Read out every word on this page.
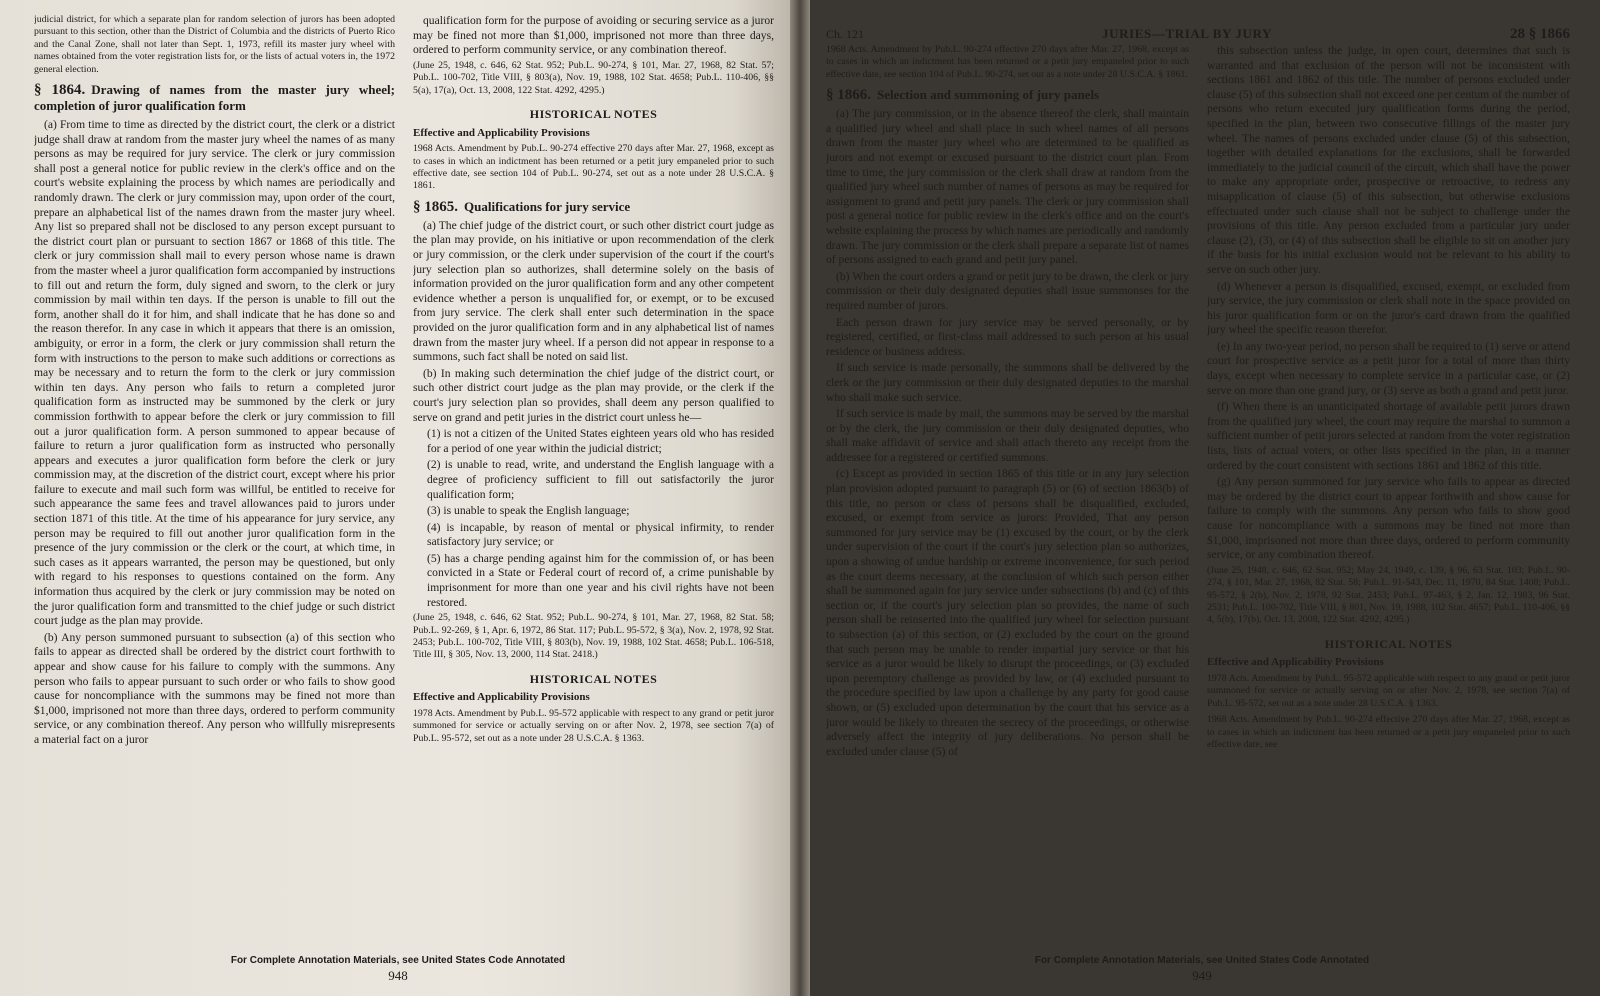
judicial district, for which a separate plan for random selection of jurors has been adopted pursuant to this section, other than the District of Columbia and the districts of Puerto Rico and the Canal Zone, shall not later than Sept. 1, 1973, refill its master jury wheel with names obtained from the voter registration lists for, or the lists of actual voters in, the 1972 general election.

§ 1864. Drawing of names from the master jury wheel; completion of juror qualification form

(a) From time to time as directed by the district court, the clerk or a district judge shall draw at random from the master jury wheel the names of as many persons as may be required for jury service. The clerk or jury commission shall post a general notice for public review in the clerk's office and on the court's website explaining the process by which names are periodically and randomly drawn. The clerk or jury commission may, upon order of the court, prepare an alphabetical list of the names drawn from the master jury wheel. Any list so prepared shall not be disclosed to any person except pursuant to the district court plan or pursuant to section 1867 or 1868 of this title. The clerk or jury commission shall mail to every person whose name is drawn from the master wheel a juror qualification form accompanied by instructions to fill out and return the form, duly signed and sworn, to the clerk or jury commission by mail within ten days. If the person is unable to fill out the form, another shall do it for him, and shall indicate that he has done so and the reason therefor. In any case in which it appears that there is an omission, ambiguity, or error in a form, the clerk or jury commission shall return the form with instructions to the person to make such additions or corrections as may be necessary and to return the form to the clerk or jury commission within ten days. Any person who fails to return a completed juror qualification form as instructed may be summoned by the clerk or jury commission forthwith to appear before the clerk or jury commission to fill out a juror qualification form. A person summoned to appear because of failure to return a juror qualification form as instructed who personally appears and executes a juror qualification form before the clerk or jury commission may, at the discretion of the district court, except where his prior failure to execute and mail such form was willful, be entitled to receive for such appearance the same fees and travel allowances paid to jurors under section 1871 of this title. At the time of his appearance for jury service, any person may be required to fill out another juror qualification form in the presence of the jury commission or the clerk or the court, at which time, in such cases as it appears warranted, the person may be questioned, but only with regard to his responses to questions contained on the form. Any information thus acquired by the clerk or jury commission may be noted on the juror qualification form and transmitted to the chief judge or such district court judge as the plan may provide.

(b) Any person summoned pursuant to subsection (a) of this section who fails to appear as directed shall be ordered by the district court forthwith to appear and show cause for his failure to comply with the summons. Any person who fails to appear pursuant to such order or who fails to show good cause for noncompliance with the summons may be fined not more than $1,000, imprisoned not more than three days, ordered to perform community service, or any combination thereof. Any person who willfully misrepresents a material fact on a juror

qualification form for the purpose of avoiding or securing service as a juror may be fined not more than $1,000, imprisoned not more than three days, ordered to perform community service, or any combination thereof.

(June 25, 1948, c. 646, 62 Stat. 952; Pub.L. 90-274, § 101, Mar. 27, 1968, 82 Stat. 57; Pub.L. 100-702, Title VIII, § 803(a), Nov. 19, 1988, 102 Stat. 4658; Pub.L. 110-406, §§ 5(a), 17(a), Oct. 13, 2008, 122 Stat. 4292, 4295.)

HISTORICAL NOTES

Effective and Applicability Provisions

1968 Acts. Amendment by Pub.L. 90-274 effective 270 days after Mar. 27, 1968, except as to cases in which an indictment has been returned or a petit jury empaneled prior to such effective date, see section 104 of Pub.L. 90-274, set out as a note under 28 U.S.C.A. § 1861.

§ 1865. Qualifications for jury service

(a) The chief judge of the district court, or such other district court judge as the plan may provide, on his initiative or upon recommendation of the clerk or jury commission, or the clerk under supervision of the court if the court's jury selection plan so authorizes, shall determine solely on the basis of information provided on the juror qualification form and any other competent evidence whether a person is unqualified for, or exempt, or to be excused from jury service. The clerk shall enter such determination in the space provided on the juror qualification form and in any alphabetical list of names drawn from the master jury wheel. If a person did not appear in response to a summons, such fact shall be noted on said list.

(b) In making such determination the chief judge of the district court, or such other district court judge as the plan may provide, or the clerk if the court's jury selection plan so provides, shall deem any person qualified to serve on grand and petit juries in the district court unless he—

(1) is not a citizen of the United States eighteen years old who has resided for a period of one year within the judicial district;

(2) is unable to read, write, and understand the English language with a degree of proficiency sufficient to fill out satisfactorily the juror qualification form;

(3) is unable to speak the English language;

(4) is incapable, by reason of mental or physical infirmity, to render satisfactory jury service; or

(5) has a charge pending against him for the commission of, or has been convicted in a State or Federal court of record of, a crime punishable by imprisonment for more than one year and his civil rights have not been restored.

(June 25, 1948, c. 646, 62 Stat. 952; Pub.L. 90-274, § 101, Mar. 27, 1968, 82 Stat. 58; Pub.L. 92-269, § 1, Apr. 6, 1972, 86 Stat. 117; Pub.L. 95-572, § 3(a), Nov. 2, 1978, 92 Stat. 2453; Pub.L. 100-702, Title VIII, § 803(b), Nov. 19, 1988, 102 Stat. 4658; Pub.L. 106-518, Title III, § 305, Nov. 13, 2000, 114 Stat. 2418.)

HISTORICAL NOTES

Effective and Applicability Provisions

1978 Acts. Amendment by Pub.L. 95-572 applicable with respect to any grand or petit juror summoned for service or actually serving on or after Nov. 2, 1978, see section 7(a) of Pub.L. 95-572, set out as a note under 28 U.S.C.A. § 1363.

For Complete Annotation Materials, see United States Code Annotated
948
Ch. 121	JURIES—TRIAL BY JURY	28 § 1866

1968 Acts. Amendment by Pub.L. 90-274 effective 270 days after Mar. 27, 1968, except as to cases in which an indictment has been returned or a petit jury empaneled prior to such effective date, see section 104 of Pub.L. 90-274, set out as a note under 28 U.S.C.A. § 1861.

§ 1866. Selection and summoning of jury panels

(a) The jury commission, or in the absence thereof the clerk, shall maintain a qualified jury wheel and shall place in such wheel names of all persons drawn from the master jury wheel who are determined to be qualified as jurors and not exempt or excused pursuant to the district court plan. From time to time, the jury commission or the clerk shall draw at random from the qualified jury wheel such number of names of persons as may be required for assignment to grand and petit jury panels. The clerk or jury commission shall post a general notice for public review in the clerk's office and on the court's website explaining the process by which names are periodically and randomly drawn. The jury commission or the clerk shall prepare a separate list of names of persons assigned to each grand and petit jury panel.

(b) When the court orders a grand or petit jury to be drawn, the clerk or jury commission or their duly designated deputies shall issue summonses for the required number of jurors.

Each person drawn for jury service may be served personally, or by registered, certified, or first-class mail addressed to such person at his usual residence or business address.

If such service is made personally, the summons shall be delivered by the clerk or the jury commission or their duly designated deputies to the marshal who shall make such service.

If such service is made by mail, the summons may be served by the marshal or by the clerk, the jury commission or their duly designated deputies, who shall make affidavit of service and shall attach thereto any receipt from the addressee for a registered or certified summons.

(c) Except as provided in section 1865 of this title or in any jury selection plan provision adopted pursuant to paragraph (5) or (6) of section 1863(b) of this title, no person or class of persons shall be disqualified, excluded, excused, or exempt from service as jurors: Provided, That any person summoned for jury service may be (1) excused by the court, or by the clerk under supervision of the court if the court's jury selection plan so authorizes, upon a showing of undue hardship or extreme inconvenience, for such period as the court deems necessary, at the conclusion of which such person either shall be summoned again for jury service under subsections (b) and (c) of this section or, if the court's jury selection plan so provides, the name of such person shall be reinserted into the qualified jury wheel for selection pursuant to subsection (a) of this section, or (2) excluded by the court on the ground that such person may be unable to render impartial jury service or that his service as a juror would be likely to disrupt the proceedings, or (3) excluded upon peremptory challenge as provided by law, or (4) excluded pursuant to the procedure specified by law upon a challenge by any party for good cause shown, or (5) excluded upon determination by the court that his service as a juror would be likely to threaten the secrecy of the proceedings, or otherwise adversely affect the integrity of jury deliberations. No person shall be excluded under clause (5) of

this subsection unless the judge, in open court, determines that such is warranted and that exclusion of the person will not be inconsistent with sections 1861 and 1862 of this title. The number of persons excluded under clause (5) of this subsection shall not exceed one per centum of the number of persons who return executed jury qualification forms during the period, specified in the plan, between two consecutive fillings of the master jury wheel. The names of persons excluded under clause (5) of this subsection, together with detailed explanations for the exclusions, shall be forwarded immediately to the judicial council of the circuit, which shall have the power to make any appropriate order, prospective or retroactive, to redress any misapplication of clause (5) of this subsection, but otherwise exclusions effectuated under such clause shall not be subject to challenge under the provisions of this title. Any person excluded from a particular jury under clause (2), (3), or (4) of this subsection shall be eligible to sit on another jury if the basis for his initial exclusion would not be relevant to his ability to serve on such other jury.

(d) Whenever a person is disqualified, excused, exempt, or excluded from jury service, the jury commission or clerk shall note in the space provided on his juror qualification form or on the juror's card drawn from the qualified jury wheel the specific reason therefor.

(e) In any two-year period, no person shall be required to (1) serve or attend court for prospective service as a petit juror for a total of more than thirty days, except when necessary to complete service in a particular case, or (2) serve on more than one grand jury, or (3) serve as both a grand and petit juror.

(f) When there is an unanticipated shortage of available petit jurors drawn from the qualified jury wheel, the court may require the marshal to summon a sufficient number of petit jurors selected at random from the voter registration lists, lists of actual voters, or other lists specified in the plan, in a manner ordered by the court consistent with sections 1861 and 1862 of this title.

(g) Any person summoned for jury service who fails to appear as directed may be ordered by the district court to appear forthwith and show cause for failure to comply with the summons. Any person who fails to show good cause for noncompliance with a summons may be fined not more than $1,000, imprisoned not more than three days, ordered to perform community service, or any combination thereof.

(June 25, 1948, c. 646, 62 Stat. 952; May 24, 1949, c. 139, § 96, 63 Stat. 103; Pub.L. 90-274, § 101, Mar. 27, 1968, 82 Stat. 58; Pub.L. 91-543, Dec. 11, 1970, 84 Stat. 1408; Pub.L. 95-572, § 2(b), Nov. 2, 1978, 92 Stat. 2453; Pub.L. 97-463, § 2, Jan. 12, 1983, 96 Stat. 2531; Pub.L. 100-702, Title VIII, § 801, Nov. 19, 1988, 102 Stat. 4657; Pub.L. 110-406, §§ 4, 5(b), 17(b), Oct. 13, 2008, 122 Stat. 4292, 4295.)

HISTORICAL NOTES

Effective and Applicability Provisions

1978 Acts. Amendment by Pub.L. 95-572 applicable with respect to any grand or petit juror summoned for service or actually serving on or after Nov. 2, 1978, see section 7(a) of Pub.L. 95-572, set out as a note under 28 U.S.C.A. § 1363.

1968 Acts. Amendment by Pub.L. 90-274 effective 270 days after Mar. 27, 1968, except as to cases in which an indictment has been returned or a petit jury empaneled prior to such effective date, see

For Complete Annotation Materials, see United States Code Annotated
949
